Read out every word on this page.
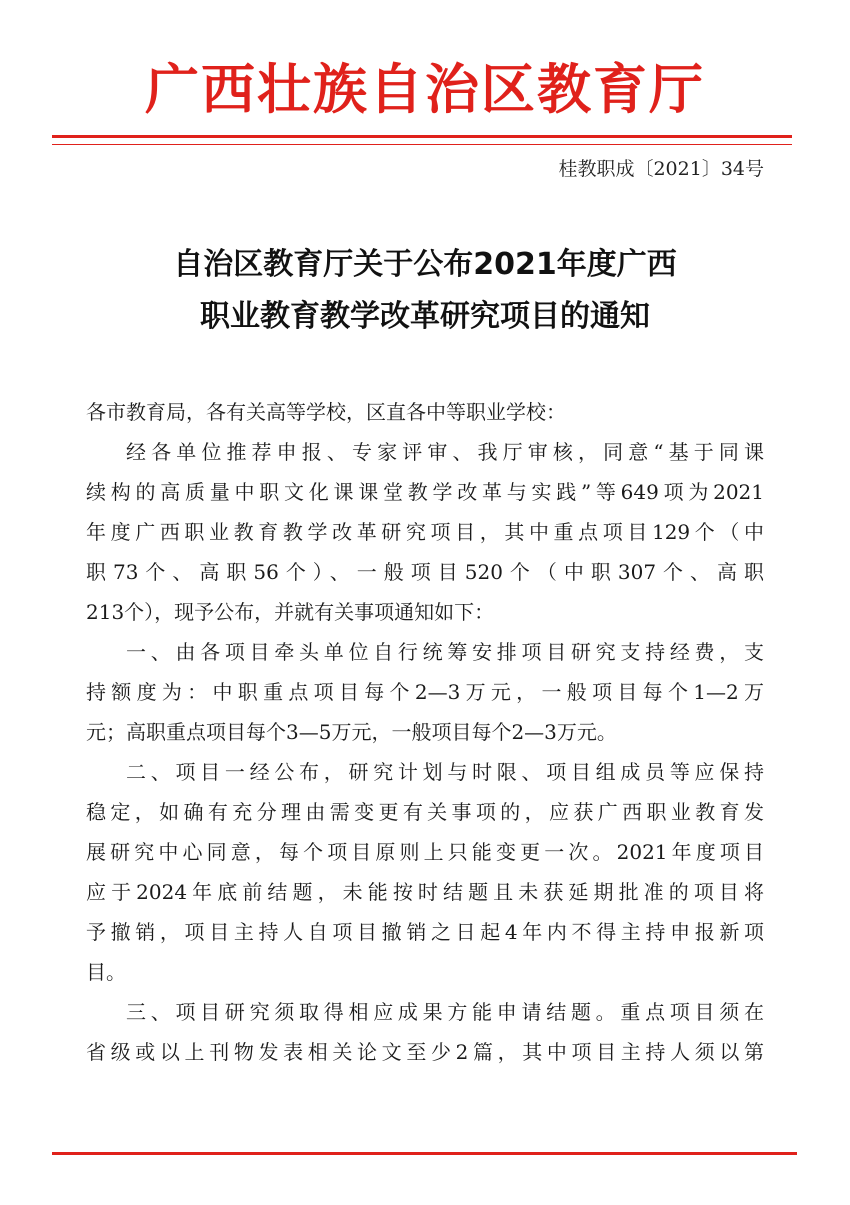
广西壮族自治区教育厅
桂教职成〔2021〕34号
自治区教育厅关于公布2021年度广西
职业教育教学改革研究项目的通知
各市教育局，各有关高等学校，区直各中等职业学校：
经各单位推荐申报、专家评审、我厅审核，同意“基于同课
续构的高质量中职文化课课堂教学改革与实践”等649项为2021
年度广西职业教育教学改革研究项目，其中重点项目129个（中
职73个、高职56个）、一般项目520个（中职307个、高职
213个），现予公布，并就有关事项通知如下：
一、由各项目牵头单位自行统筹安排项目研究支持经费，支
持额度为：中职重点项目每个2—3万元，一般项目每个1—2万
元；高职重点项目每个3—5万元，一般项目每个2—3万元。
二、项目一经公布，研究计划与时限、项目组成员等应保持
稳定，如确有充分理由需变更有关事项的，应获广西职业教育发
展研究中心同意，每个项目原则上只能变更一次。2021年度项目
应于2024年底前结题，未能按时结题且未获延期批准的项目将
予撤销，项目主持人自项目撤销之日起4年内不得主持申报新项
目。
三、项目研究须取得相应成果方能申请结题。重点项目须在
省级或以上刊物发表相关论文至少2篇，其中项目主持人须以第
